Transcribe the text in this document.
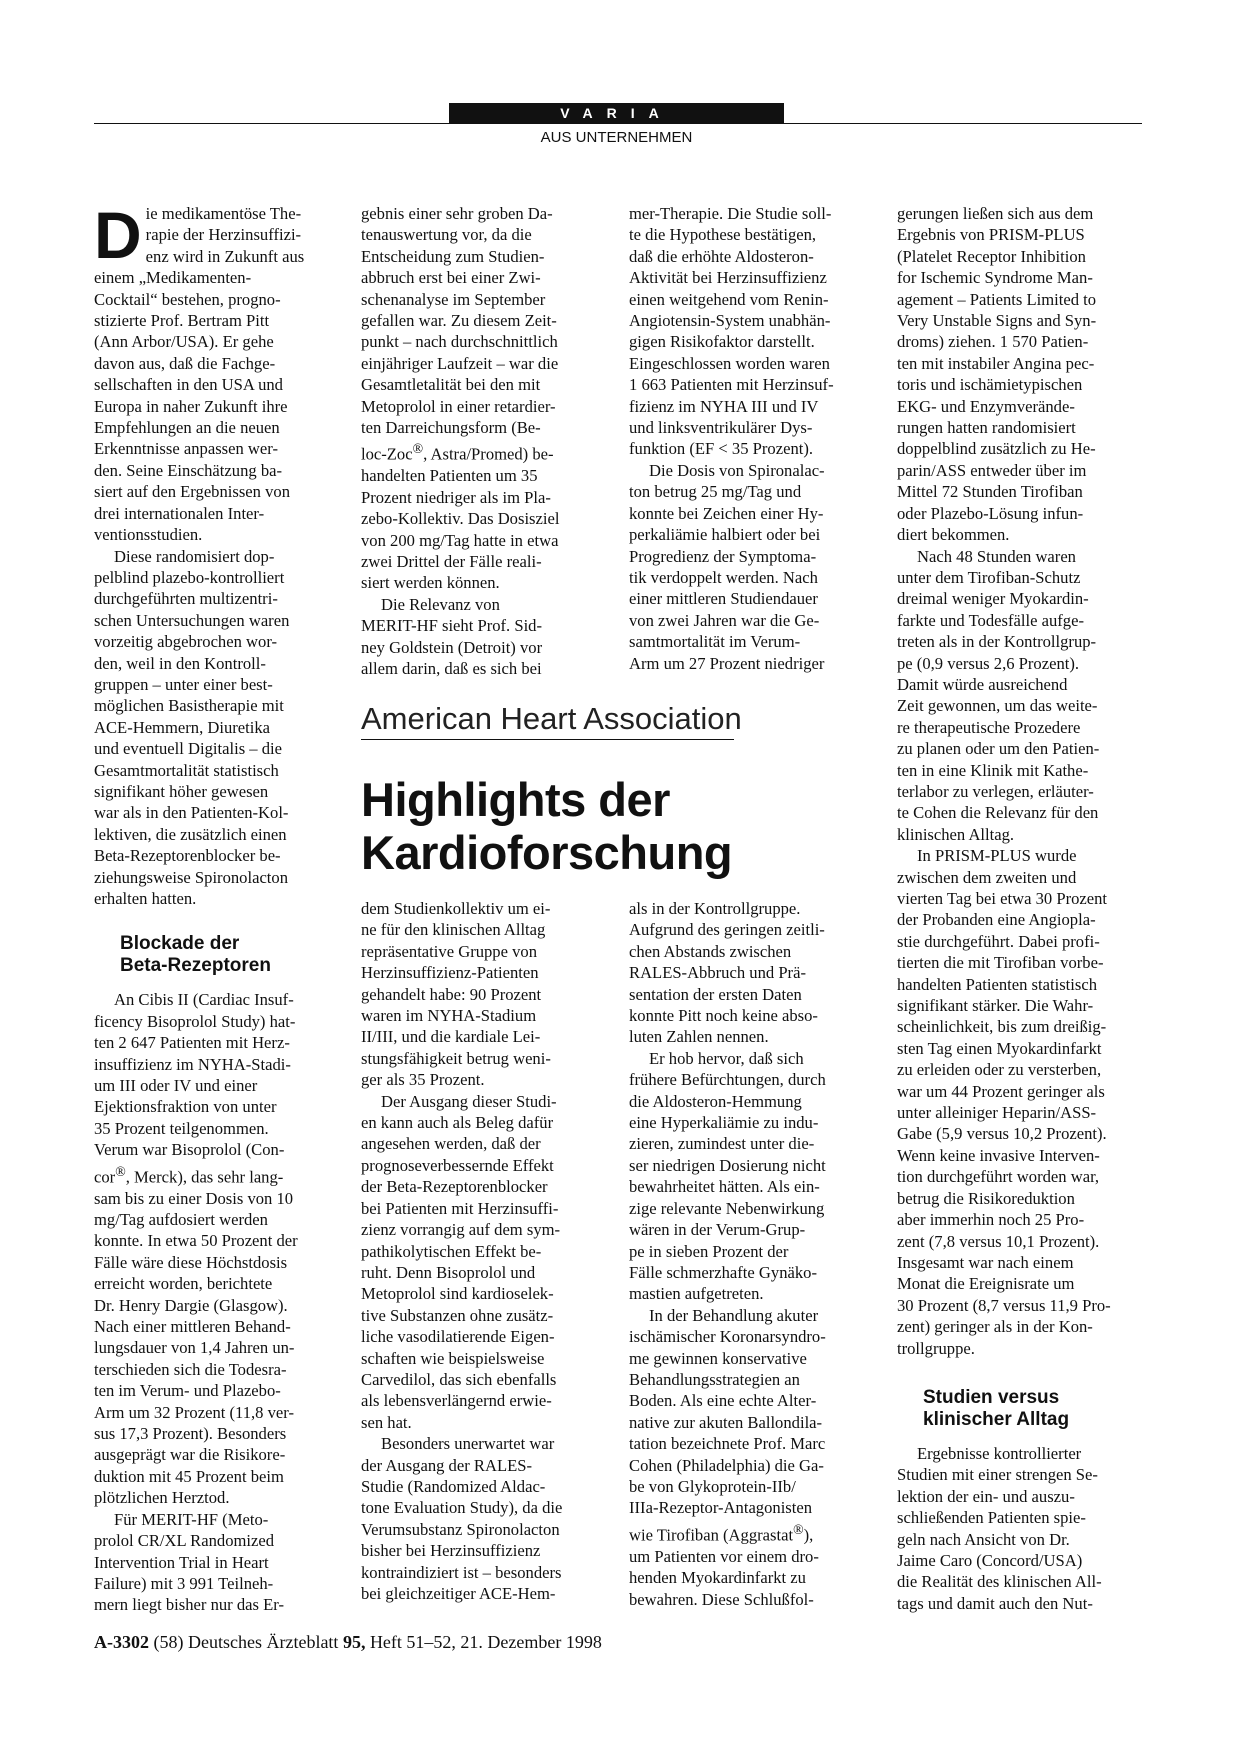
VARIA
AUS UNTERNEHMEN

Die medikamentöse The-
rapie der Herzinsuffizi-
enz wird in Zukunft aus
einem „Medikamenten-
Cocktail“ bestehen, progno-
stizierte Prof. Bertram Pitt
(Ann Arbor/USA). Er gehe
davon aus, daß die Fachge-
sellschaften in den USA und
Europa in naher Zukunft ihre
Empfehlungen an die neuen
Erkenntnisse anpassen wer-
den. Seine Einschätzung ba-
siert auf den Ergebnissen von
drei internationalen Inter-
ventionsstudien.

Diese randomisiert dop-
pelblind plazebo-kontrolliert
durchgeführten multizentri-
schen Untersuchungen waren
vorzeitig abgebrochen wor-
den, weil in den Kontroll-
gruppen – unter einer best-
möglichen Basistherapie mit
ACE-Hemmern, Diuretika
und eventuell Digitalis – die
Gesamtmortalität statistisch
signifikant höher gewesen
war als in den Patienten-Kol-
lektiven, die zusätzlich einen
Beta-Rezeptorenblocker be-
ziehungsweise Spironolacton
erhalten hatten.

Blockade der
Beta-Rezeptoren

An Cibis II (Cardiac Insuf-
ficency Bisoprolol Study) hat-
ten 2 647 Patienten mit Herz-
insuffizienz im NYHA-Stadi-
um III oder IV und einer
Ejektionsfraktion von unter
35 Prozent teilgenommen.
Verum war Bisoprolol (Con-
cor®, Merck), das sehr lang-
sam bis zu einer Dosis von 10
mg/Tag aufdosiert werden
konnte. In etwa 50 Prozent der
Fälle wäre diese Höchstdosis
erreicht worden, berichtete
Dr. Henry Dargie (Glasgow).
Nach einer mittleren Behand-
lungsdauer von 1,4 Jahren un-
terschieden sich die Todesra-
ten im Verum- und Plazebo-
Arm um 32 Prozent (11,8 ver-
sus 17,3 Prozent). Besonders
ausgeprägt war die Risikore-
duktion mit 45 Prozent beim
plötzlichen Herztod.

Für MERIT-HF (Meto-
prolol CR/XL Randomized
Intervention Trial in Heart
Failure) mit 3 991 Teilneh-
mern liegt bisher nur das Er-

gebnis einer sehr groben Da-
tenauswertung vor, da die
Entscheidung zum Studien-
abbruch erst bei einer Zwi-
schenanalyse im September
gefallen war. Zu diesem Zeit-
punkt – nach durchschnittlich
einjähriger Laufzeit – war die
Gesamtletalität bei den mit
Metoprolol in einer retardier-
ten Darreichungsform (Be-
loc-Zoc®, Astra/Promed) be-
handelten Patienten um 35
Prozent niedriger als im Pla-
zebo-Kollektiv. Das Dosisziel
von 200 mg/Tag hatte in etwa
zwei Drittel der Fälle reali-
siert werden können.

Die Relevanz von
MERIT-HF sieht Prof. Sid-
ney Goldstein (Detroit) vor
allem darin, daß es sich bei

mer-Therapie. Die Studie soll-
te die Hypothese bestätigen,
daß die erhöhte Aldosteron-
Aktivität bei Herzinsuffizienz
einen weitgehend vom Renin-
Angiotensin-System unabhän-
gigen Risikofaktor darstellt.
Eingeschlossen worden waren
1 663 Patienten mit Herzinsuf-
fizienz im NYHA III und IV
und linksventrikulärer Dys-
funktion (EF < 35 Prozent).

Die Dosis von Spironalac-
ton betrug 25 mg/Tag und
konnte bei Zeichen einer Hy-
perkaliämie halbiert oder bei
Progredienz der Symptoma-
tik verdoppelt werden. Nach
einer mittleren Studiendauer
von zwei Jahren war die Ge-
samtmortalität im Verum-
Arm um 27 Prozent niedriger

American Heart Association
Highlights der
Kardioforschung

dem Studienkollektiv um ei-
ne für den klinischen Alltag
repräsentative Gruppe von
Herzinsuffizienz-Patienten
gehandelt habe: 90 Prozent
waren im NYHA-Stadium
II/III, und die kardiale Lei-
stungsfähigkeit betrug weni-
ger als 35 Prozent.

Der Ausgang dieser Studi-
en kann auch als Beleg dafür
angesehen werden, daß der
prognoseverbessernde Effekt
der Beta-Rezeptorenblocker
bei Patienten mit Herzinsuffi-
zienz vorrangig auf dem sym-
pathikolytischen Effekt be-
ruht. Denn Bisoprolol und
Metoprolol sind kardioselek-
tive Substanzen ohne zusätz-
liche vasodilatierende Eigen-
schaften wie beispielsweise
Carvedilol, das sich ebenfalls
als lebensverlängernd erwie-
sen hat.

Besonders unerwartet war
der Ausgang der RALES-
Studie (Randomized Aldac-
tone Evaluation Study), da die
Verumsubstanz Spironolacton
bisher bei Herzinsuffizienz
kontraindiziert ist – besonders
bei gleichzeitiger ACE-Hem-

als in der Kontrollgruppe.
Aufgrund des geringen zeitli-
chen Abstands zwischen
RALES-Abbruch und Prä-
sentation der ersten Daten
konnte Pitt noch keine abso-
luten Zahlen nennen.

Er hob hervor, daß sich
frühere Befürchtungen, durch
die Aldosteron-Hemmung
eine Hyperkaliämie zu indu-
zieren, zumindest unter die-
ser niedrigen Dosierung nicht
bewahrheitet hätten. Als ein-
zige relevante Nebenwirkung
wären in der Verum-Grup-
pe in sieben Prozent der
Fälle schmerzhafte Gynäko-
mastien aufgetreten.

In der Behandlung akuter
ischämischer Koronarsyndro-
me gewinnen konservative
Behandlungsstrategien an
Boden. Als eine echte Alter-
native zur akuten Ballondila-
tation bezeichnete Prof. Marc
Cohen (Philadelphia) die Ga-
be von Glykoprotein-IIb/
IIIa-Rezeptor-Antagonisten
wie Tirofiban (Aggrastat®),
um Patienten vor einem dro-
henden Myokardinfarkt zu
bewahren. Diese Schlußfol-

gerungen ließen sich aus dem
Ergebnis von PRISM-PLUS
(Platelet Receptor Inhibition
for Ischemic Syndrome Man-
agement – Patients Limited to
Very Unstable Signs and Syn-
droms) ziehen. 1 570 Patien-
ten mit instabiler Angina pec-
toris und ischämietypischen
EKG- und Enzymverände-
rungen hatten randomisiert
doppelblind zusätzlich zu He-
parin/ASS entweder über im
Mittel 72 Stunden Tirofiban
oder Plazebo-Lösung infun-
diert bekommen.

Nach 48 Stunden waren
unter dem Tirofiban-Schutz
dreimal weniger Myokardin-
farkte und Todesfälle aufge-
treten als in der Kontrollgrup-
pe (0,9 versus 2,6 Prozent).
Damit würde ausreichend
Zeit gewonnen, um das weite-
re therapeutische Prozedere
zu planen oder um den Patien-
ten in eine Klinik mit Kathe-
terlabor zu verlegen, erläuter-
te Cohen die Relevanz für den
klinischen Alltag.

In PRISM-PLUS wurde
zwischen dem zweiten und
vierten Tag bei etwa 30 Prozent
der Probanden eine Angiopla-
stie durchgeführt. Dabei profi-
tierten die mit Tirofiban vorbe-
handelten Patienten statistisch
signifikant stärker. Die Wahr-
scheinlichkeit, bis zum dreißig-
sten Tag einen Myokardinfarkt
zu erleiden oder zu versterben,
war um 44 Prozent geringer als
unter alleiniger Heparin/ASS-
Gabe (5,9 versus 10,2 Prozent).
Wenn keine invasive Interven-
tion durchgeführt worden war,
betrug die Risikoreduktion
aber immerhin noch 25 Pro-
zent (7,8 versus 10,1 Prozent).
Insgesamt war nach einem
Monat die Ereignisrate um
30 Prozent (8,7 versus 11,9 Pro-
zent) geringer als in der Kon-
trollgruppe.

Studien versus
klinischer Alltag

Ergebnisse kontrollierter
Studien mit einer strengen Se-
lektion der ein- und auszu-
schließenden Patienten spie-
geln nach Ansicht von Dr.
Jaime Caro (Concord/USA)
die Realität des klinischen All-
tags und damit auch den Nut-

A-3302 (58) Deutsches Ärzteblatt 95, Heft 51–52, 21. Dezember 1998
